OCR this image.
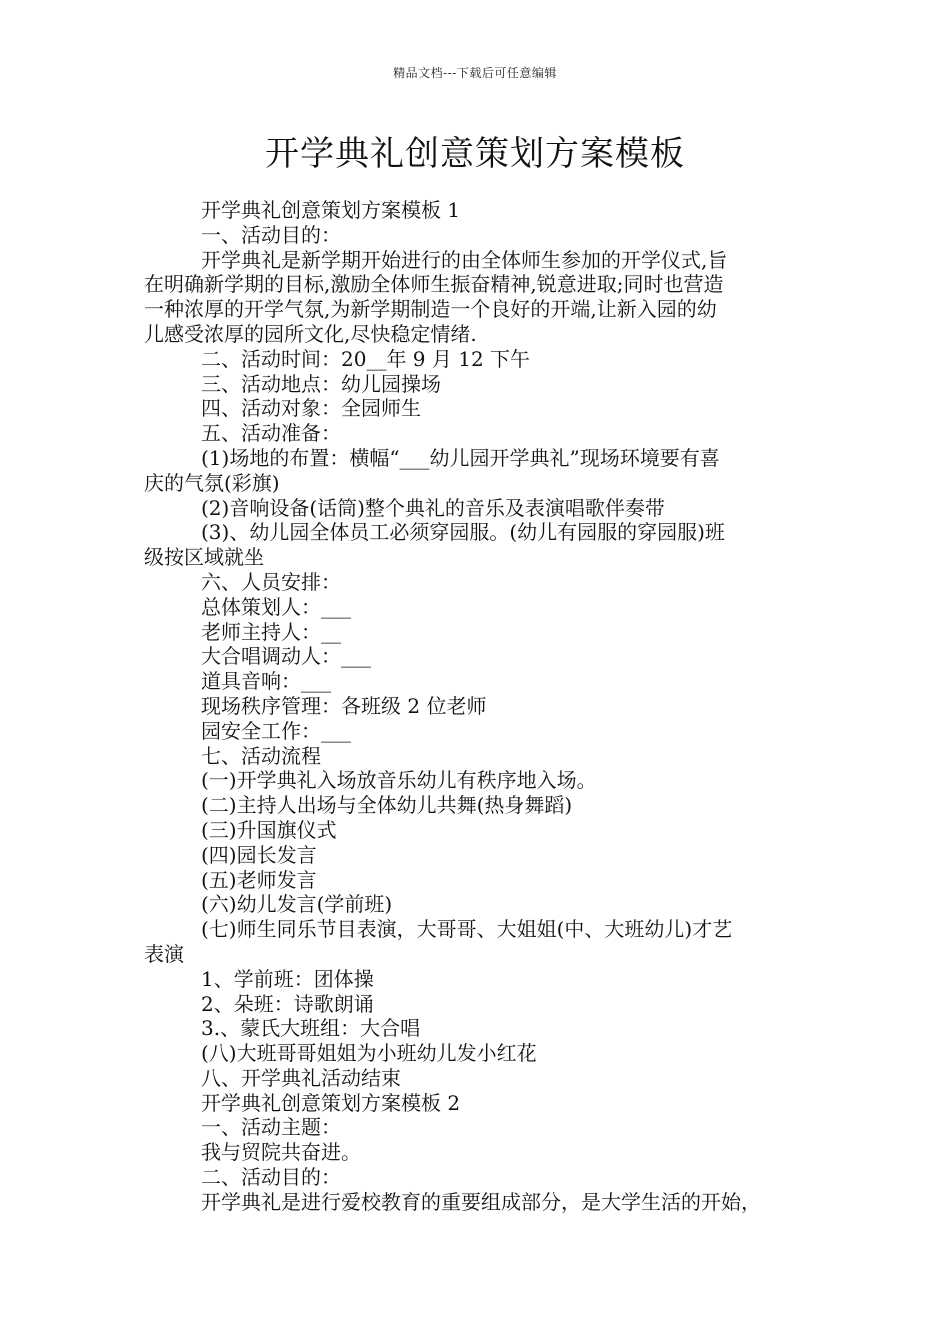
精品文档---下载后可任意编辑
开学典礼创意策划方案模板
开学典礼创意策划方案模板 1
一、活动目的：
开学典礼是新学期开始进行的由全体师生参加的开学仪式,旨
在明确新学期的目标,激励全体师生振奋精神,锐意进取;同时也营造
一种浓厚的开学气氛,为新学期制造一个良好的开端,让新入园的幼
儿感受浓厚的园所文化,尽快稳定情绪.
二、活动时间：20__年 9 月 12 下午
三、活动地点：幼儿园操场
四、活动对象：全园师生
五、活动准备：
(1)场地的布置：横幅“___幼儿园开学典礼”现场环境要有喜
庆的气氛(彩旗)
(2)音响设备(话筒)整个典礼的音乐及表演唱歌伴奏带
(3)、幼儿园全体员工必须穿园服。(幼儿有园服的穿园服)班
级按区域就坐
六、人员安排：
总体策划人：___
老师主持人：__
大合唱调动人：___
道具音响：___
现场秩序管理：各班级 2 位老师
园安全工作：___
七、活动流程
(一)开学典礼入场放音乐幼儿有秩序地入场。
(二)主持人出场与全体幼儿共舞(热身舞蹈)
(三)升国旗仪式
(四)园长发言
(五)老师发言
(六)幼儿发言(学前班)
(七)师生同乐节目表演，大哥哥、大姐姐(中、大班幼儿)才艺
表演
1、学前班：团体操
2、朵班：诗歌朗诵
3.、蒙氏大班组：大合唱
(八)大班哥哥姐姐为小班幼儿发小红花
八、开学典礼活动结束
开学典礼创意策划方案模板 2
一、活动主题：
我与贸院共奋进。
二、活动目的：
开学典礼是进行爱校教育的重要组成部分，是大学生活的开始，
